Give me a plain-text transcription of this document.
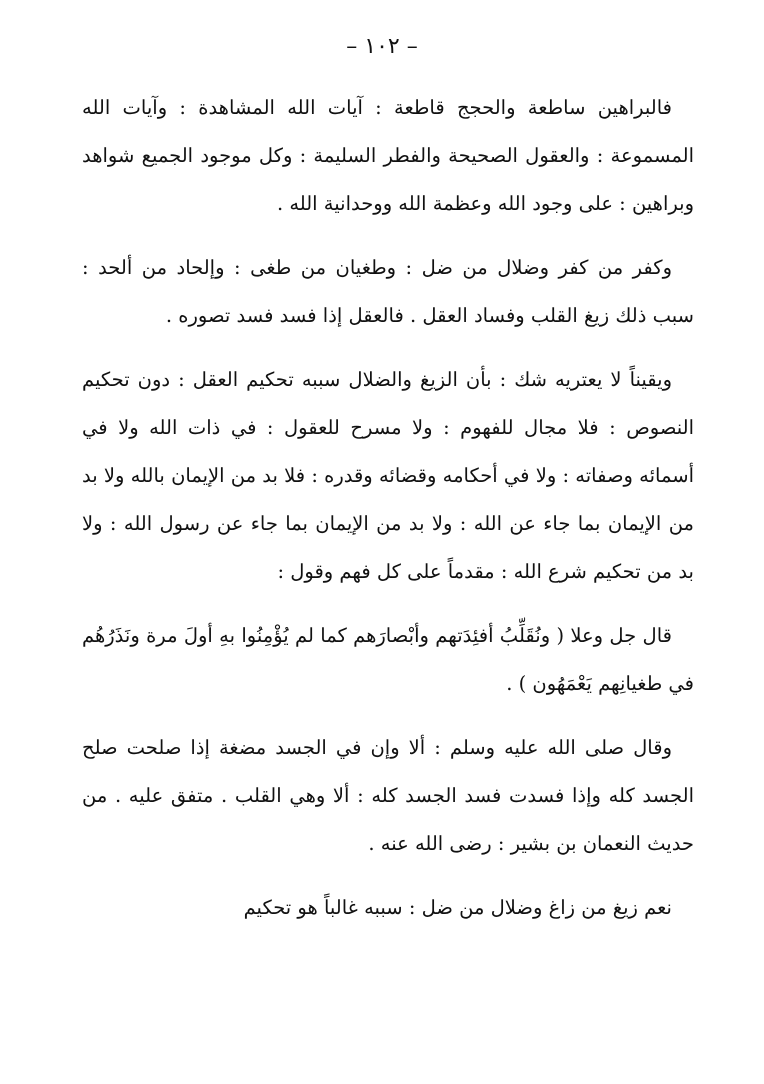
– ١٠٢ –

فالبراهين ساطعة والحجج قاطعة : آيات الله المشاهدة : وآيات الله المسموعة : والعقول الصحيحة والفطر السليمة : وكل موجود الجميع شواهد وبراهين : على وجود الله وعظمة الله ووحدانية الله .

وكفر من كفر وضلال من ضل : وطغيان من طغى : وإلحاد من ألحد : سبب ذلك زيغ القلب وفساد العقل . فالعقل إذا فسد فسد تصوره .

ويقيناً لا يعتريه شك : بأن الزيغ والضلال سببه تحكيم العقل : دون تحكيم النصوص : فلا مجال للفهوم : ولا مسرح للعقول : في ذات الله ولا في أسمائه وصفاته : ولا في أحكامه وقضائه وقدره : فلا بد من الإيمان بالله ولا بد من الإيمان بما جاء عن الله : ولا بد من الإيمان بما جاء عن رسول الله : ولا بد من تحكيم شرع الله : مقدماً على كل فهم وقول :

قال جل وعلا ( ونُقَلِّبُ أفئِدَتهم وأبْصارَهم كما لم يُؤْمِنُوا بهِ أولَ مرة ونَذَرُهُم في طغيانِهم يَعْمَهُون ) .

وقال صلى الله عليه وسلم : ألا وإن في الجسد مضغة إذا صلحت صلح الجسد كله وإذا فسدت فسد الجسد كله : ألا وهي القلب . متفق عليه . من حديث النعمان بن بشير : رضى الله عنه .

نعم زيغ من زاغ وضلال من ضل : سببه غالباً هو تحكيم
